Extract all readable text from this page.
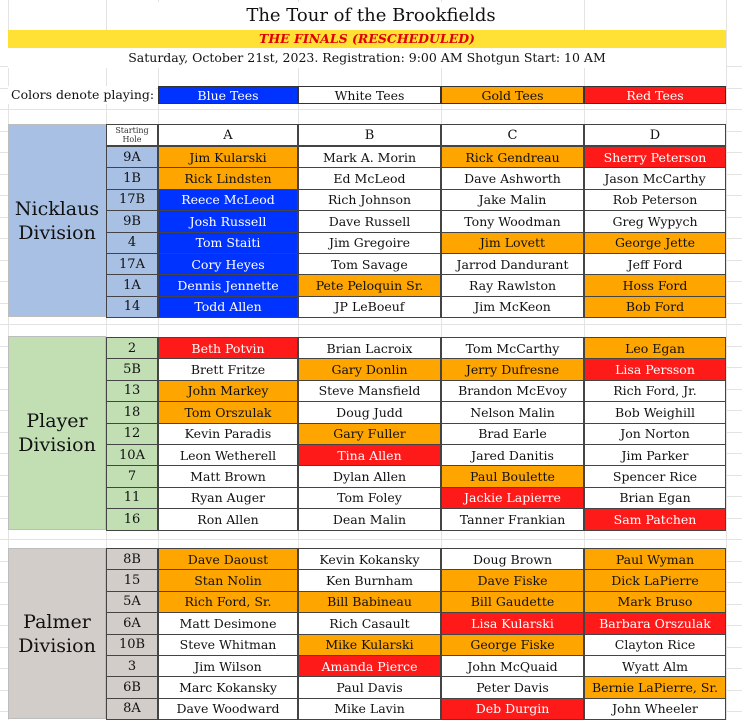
The Tour of the Brookfields
THE FINALS (RESCHEDULED)
Saturday, October 21st, 2023. Registration: 9:00 AM Shotgun Start: 10 AM
Colors denote playing:	Blue Tees	White Tees	Gold Tees	Red Tees
Starting Hole	A	B	C	D
Nicklaus
Division
9A	Jim Kularski	Mark A. Morin	Rick Gendreau	Sherry Peterson
1B	Rick Lindsten	Ed McLeod	Dave Ashworth	Jason McCarthy
17B	Reece McLeod	Rich Johnson	Jake Malin	Rob Peterson
9B	Josh Russell	Dave Russell	Tony Woodman	Greg Wypych
4	Tom Staiti	Jim Gregoire	Jim Lovett	George Jette
17A	Cory Heyes	Tom Savage	Jarrod Dandurant	Jeff Ford
1A	Dennis Jennette	Pete Peloquin Sr.	Ray Rawlston	Hoss Ford
14	Todd Allen	JP LeBoeuf	Jim McKeon	Bob Ford
Player
Division
2	Beth Potvin	Brian Lacroix	Tom McCarthy	Leo Egan
5B	Brett Fritze	Gary Donlin	Jerry Dufresne	Lisa Persson
13	John Markey	Steve Mansfield	Brandon McEvoy	Rich Ford, Jr.
18	Tom Orszulak	Doug Judd	Nelson Malin	Bob Weighill
12	Kevin Paradis	Gary Fuller	Brad Earle	Jon Norton
10A	Leon Wetherell	Tina Allen	Jared Danitis	Jim Parker
7	Matt Brown	Dylan Allen	Paul Boulette	Spencer Rice
11	Ryan Auger	Tom Foley	Jackie Lapierre	Brian Egan
16	Ron Allen	Dean Malin	Tanner Frankian	Sam Patchen
Palmer
Division
8B	Dave Daoust	Kevin Kokansky	Doug Brown	Paul Wyman
15	Stan Nolin	Ken Burnham	Dave Fiske	Dick LaPierre
5A	Rich Ford, Sr.	Bill Babineau	Bill Gaudette	Mark Bruso
6A	Matt Desimone	Rich Casault	Lisa Kularski	Barbara Orszulak
10B	Steve Whitman	Mike Kularski	George Fiske	Clayton Rice
3	Jim Wilson	Amanda Pierce	John McQuaid	Wyatt Alm
6B	Marc Kokansky	Paul Davis	Peter Davis	Bernie LaPierre, Sr.
8A	Dave Woodward	Mike Lavin	Deb Durgin	John Wheeler
